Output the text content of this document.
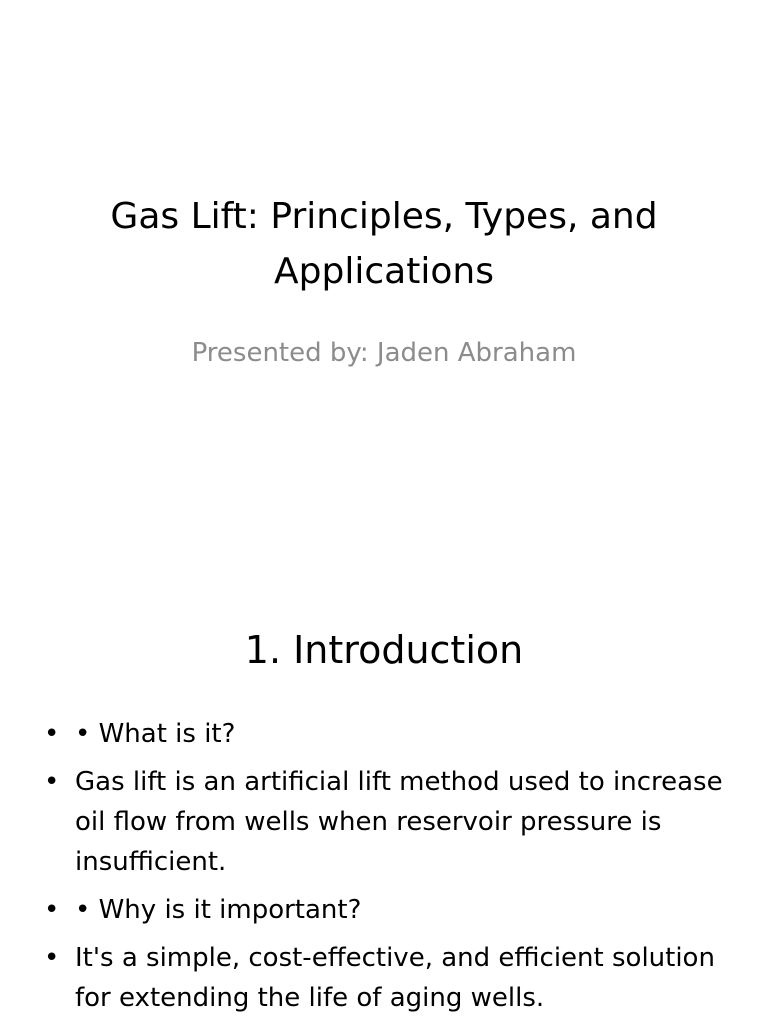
Gas Lift: Principles, Types, and Applications

Presented by: Jaden Abraham

1. Introduction
• • What is it?
• Gas lift is an artificial lift method used to increase oil flow from wells when reservoir pressure is insufficient.
• • Why is it important?
• It's a simple, cost-effective, and efficient solution for extending the life of aging wells.
